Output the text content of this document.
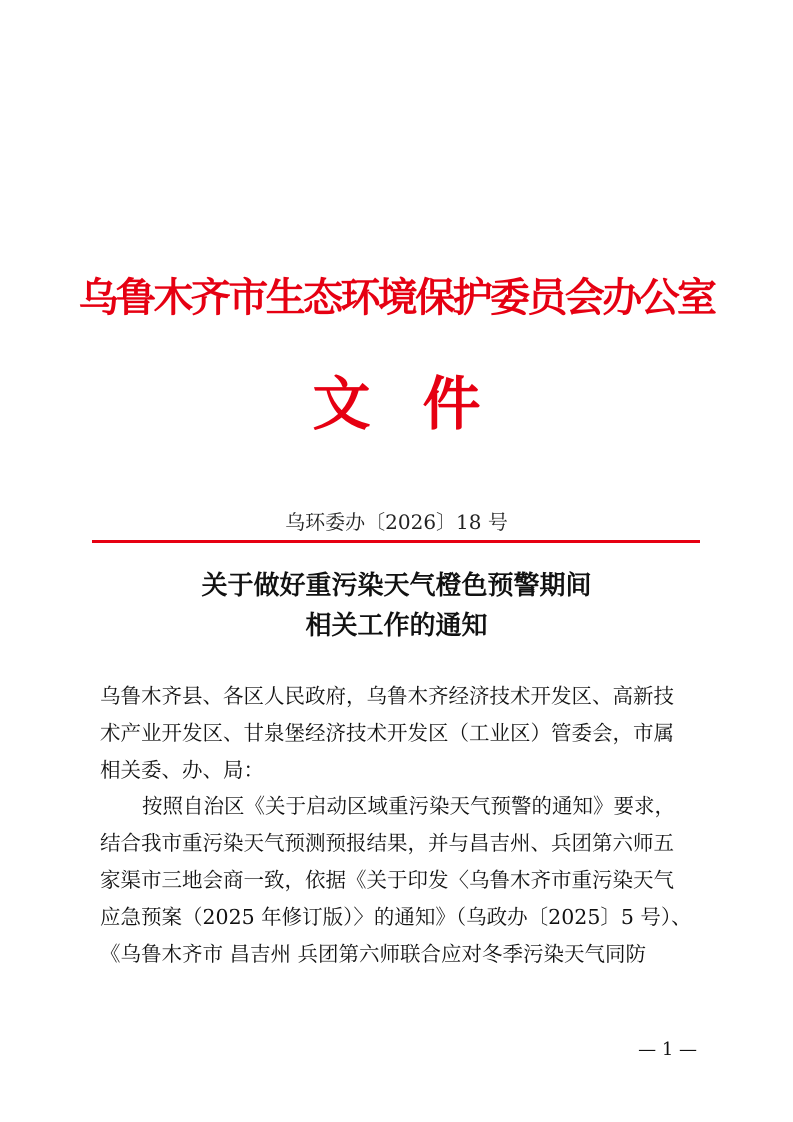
乌鲁木齐市生态环境保护委员会办公室
文件
乌环委办〔2026〕18 号
关于做好重污染天气橙色预警期间
相关工作的通知
乌鲁木齐县、各区人民政府，乌鲁木齐经济技术开发区、高新技
术产业开发区、甘泉堡经济技术开发区（工业区）管委会，市属
相关委、办、局：
按照自治区《关于启动区域重污染天气预警的通知》要求，
结合我市重污染天气预测预报结果，并与昌吉州、兵团第六师五
家渠市三地会商一致，依据《关于印发〈乌鲁木齐市重污染天气
应急预案（2025 年修订版）〉的通知》（乌政办〔2025〕5 号）、
《乌鲁木齐市 昌吉州 兵团第六师联合应对冬季污染天气同防
— 1 —
